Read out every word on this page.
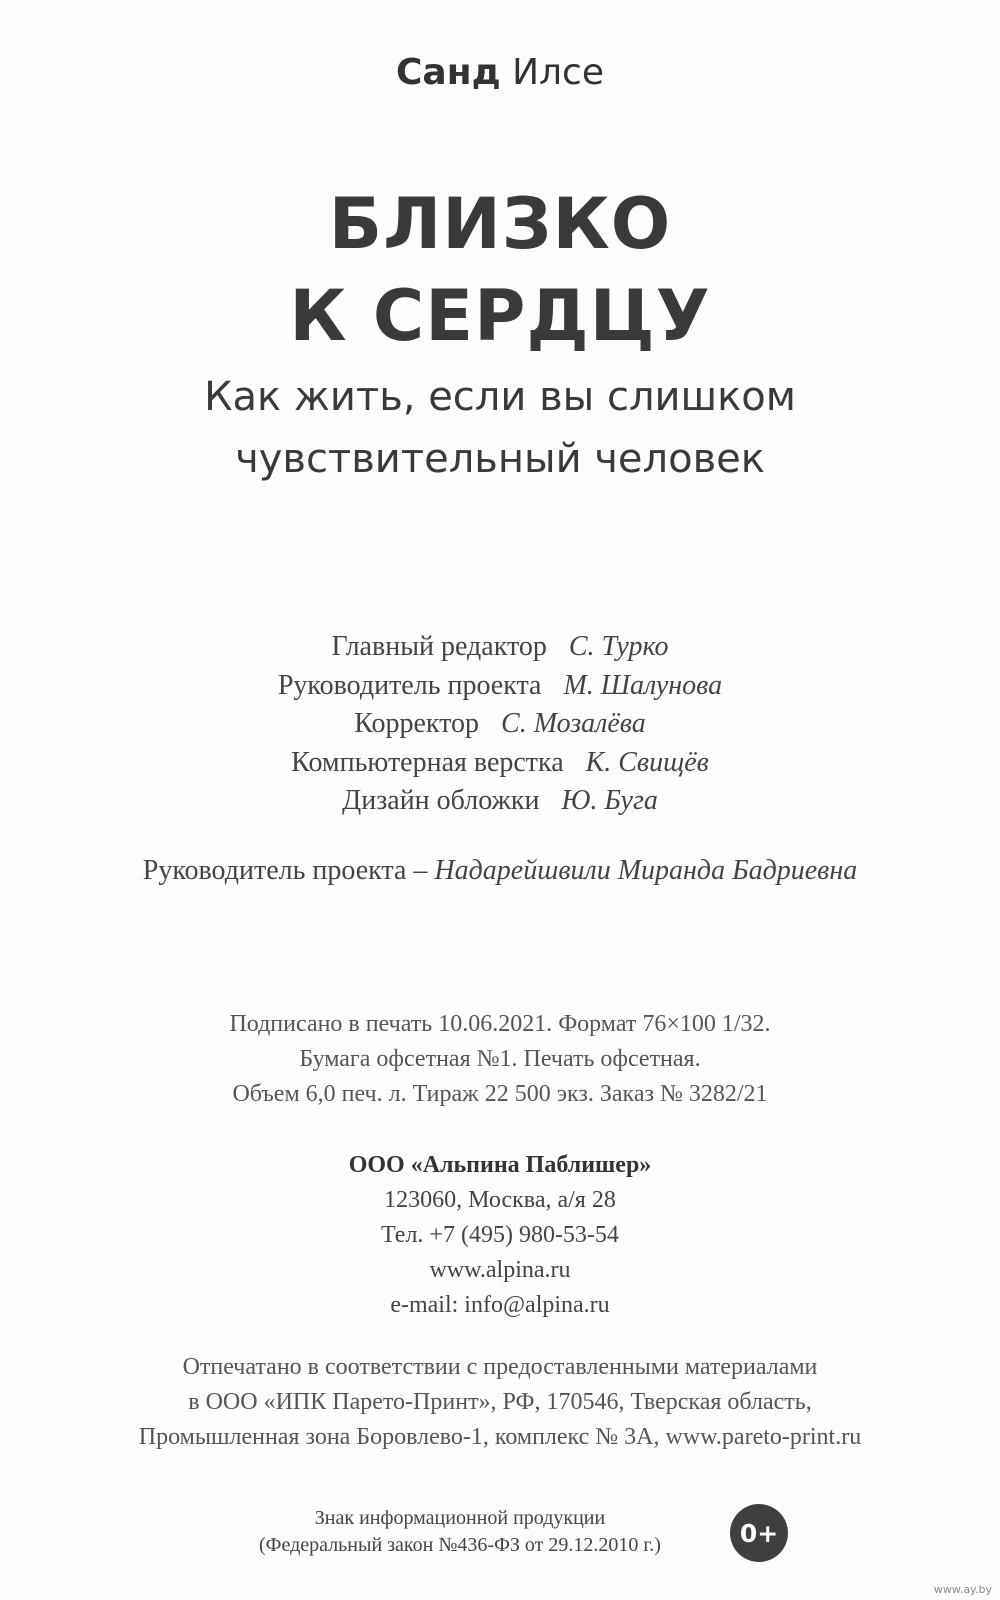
Санд Илсе
БЛИЗКО
К СЕРДЦУ
Как жить, если вы слишком
чувствительный человек
Главный редактор С. Турко
Руководитель проекта М. Шалунова
Корректор С. Мозалёва
Компьютерная верстка К. Свищёв
Дизайн обложки Ю. Буга
Руководитель проекта – Надарейшвили Миранда Бадриевна
Подписано в печать 10.06.2021. Формат 76×100 1/32.
Бумага офсетная №1. Печать офсетная.
Объем 6,0 печ. л. Тираж 22 500 экз. Заказ № 3282/21
ООО «Альпина Паблишер»
123060, Москва, а/я 28
Тел. +7 (495) 980-53-54
www.alpina.ru
e-mail: info@alpina.ru
Отпечатано в соответствии с предоставленными материалами
в ООО «ИПК Парето-Принт», РФ, 170546, Тверская область,
Промышленная зона Боровлево-1, комплекс № 3А, www.pareto-print.ru
Знак информационной продукции
(Федеральный закон №436-ФЗ от 29.12.2010 г.)	0+
www.ay.by
